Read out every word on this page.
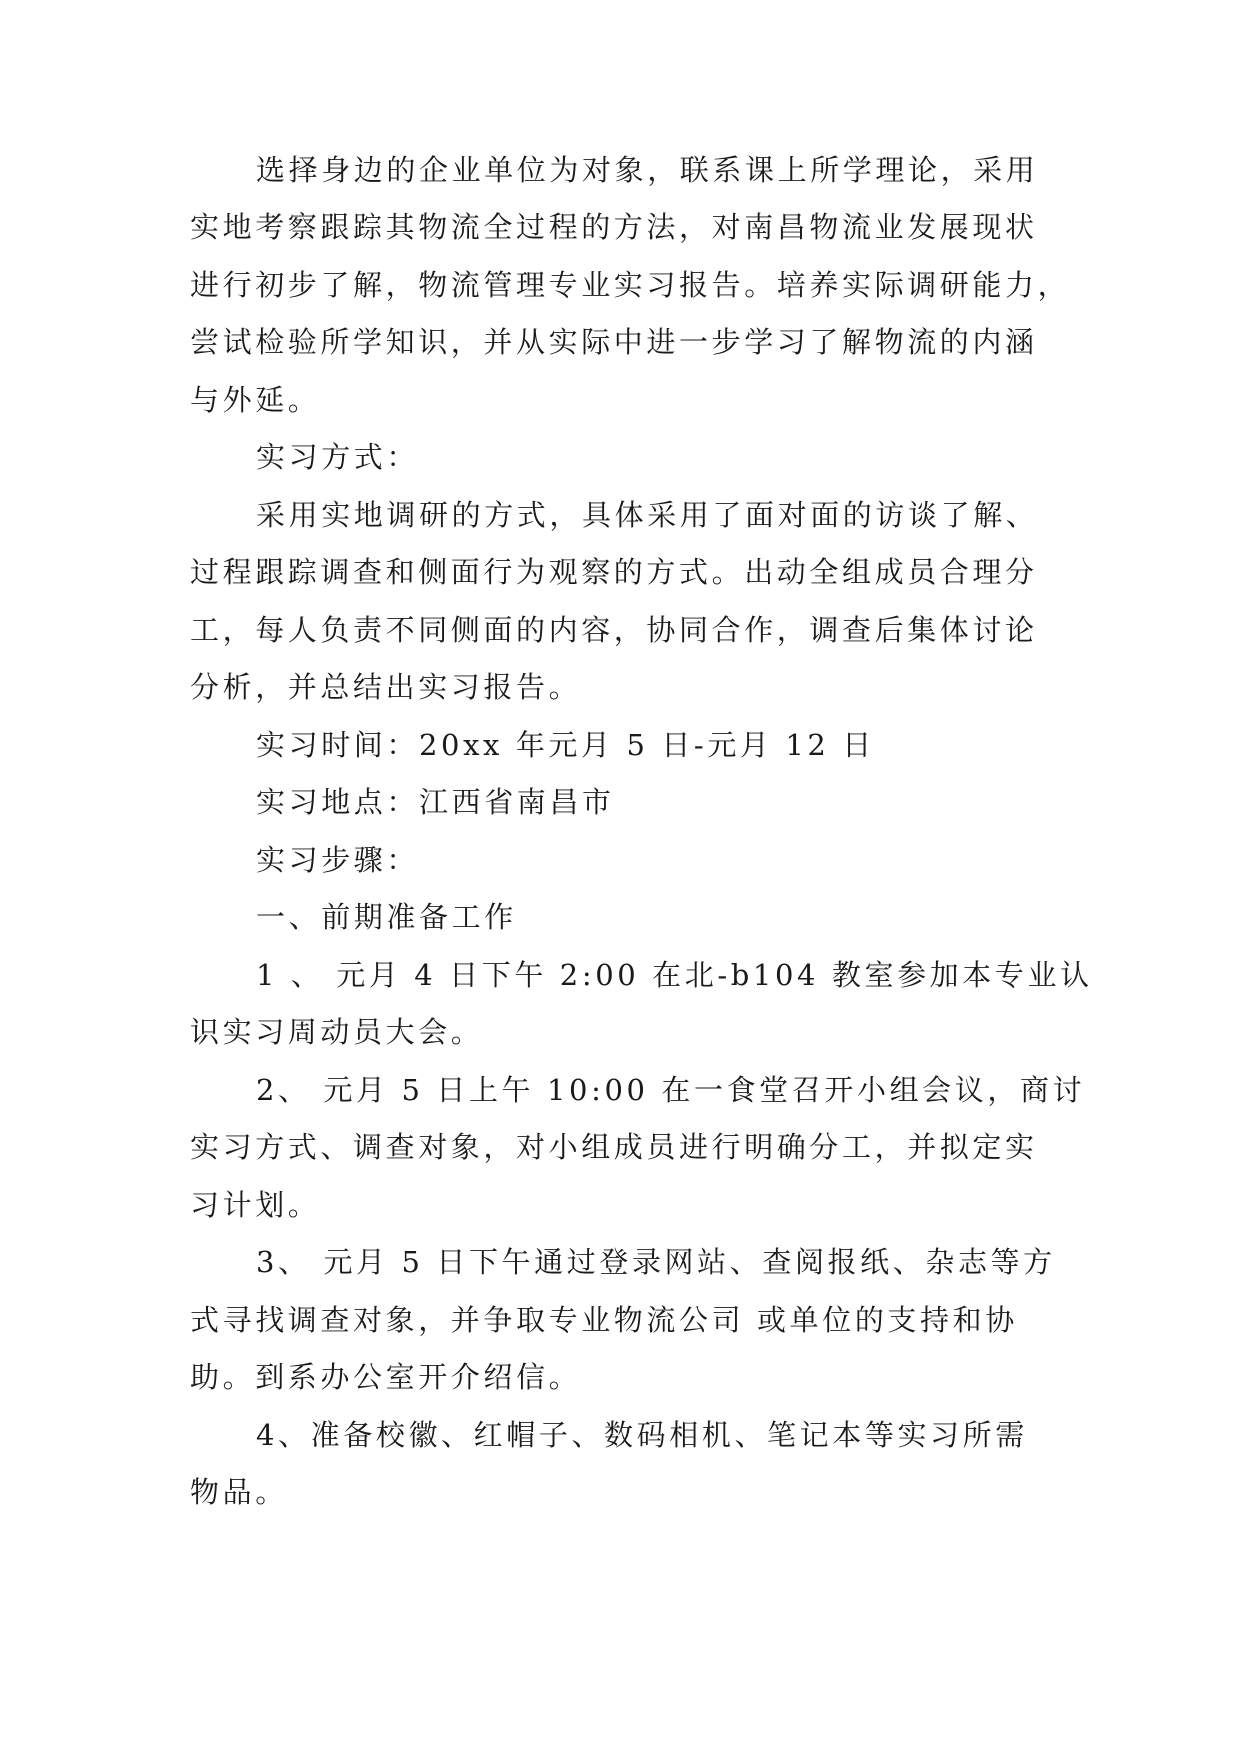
选择身边的企业单位为对象，联系课上所学理论，采用
实地考察跟踪其物流全过程的方法，对南昌物流业发展现状
进行初步了解，物流管理专业实习报告。培养实际调研能力，
尝试检验所学知识，并从实际中进一步学习了解物流的内涵
与外延。
实习方式：
采用实地调研的方式，具体采用了面对面的访谈了解、
过程跟踪调查和侧面行为观察的方式。出动全组成员合理分
工，每人负责不同侧面的内容，协同合作，调查后集体讨论
分析，并总结出实习报告。
实习时间：20xx 年元月 5 日-元月 12 日
实习地点：江西省南昌市
实习步骤：
一、前期准备工作
1 、 元月 4 日下午 2:00 在北-b104 教室参加本专业认
识实习周动员大会。
2、 元月 5 日上午 10:00 在一食堂召开小组会议，商讨
实习方式、调查对象，对小组成员进行明确分工，并拟定实
习计划。
3、 元月 5 日下午通过登录网站、查阅报纸、杂志等方
式寻找调查对象，并争取专业物流公司 或单位的支持和协
助。到系办公室开介绍信。
4、准备校徽、红帽子、数码相机、笔记本等实习所需
物品。
